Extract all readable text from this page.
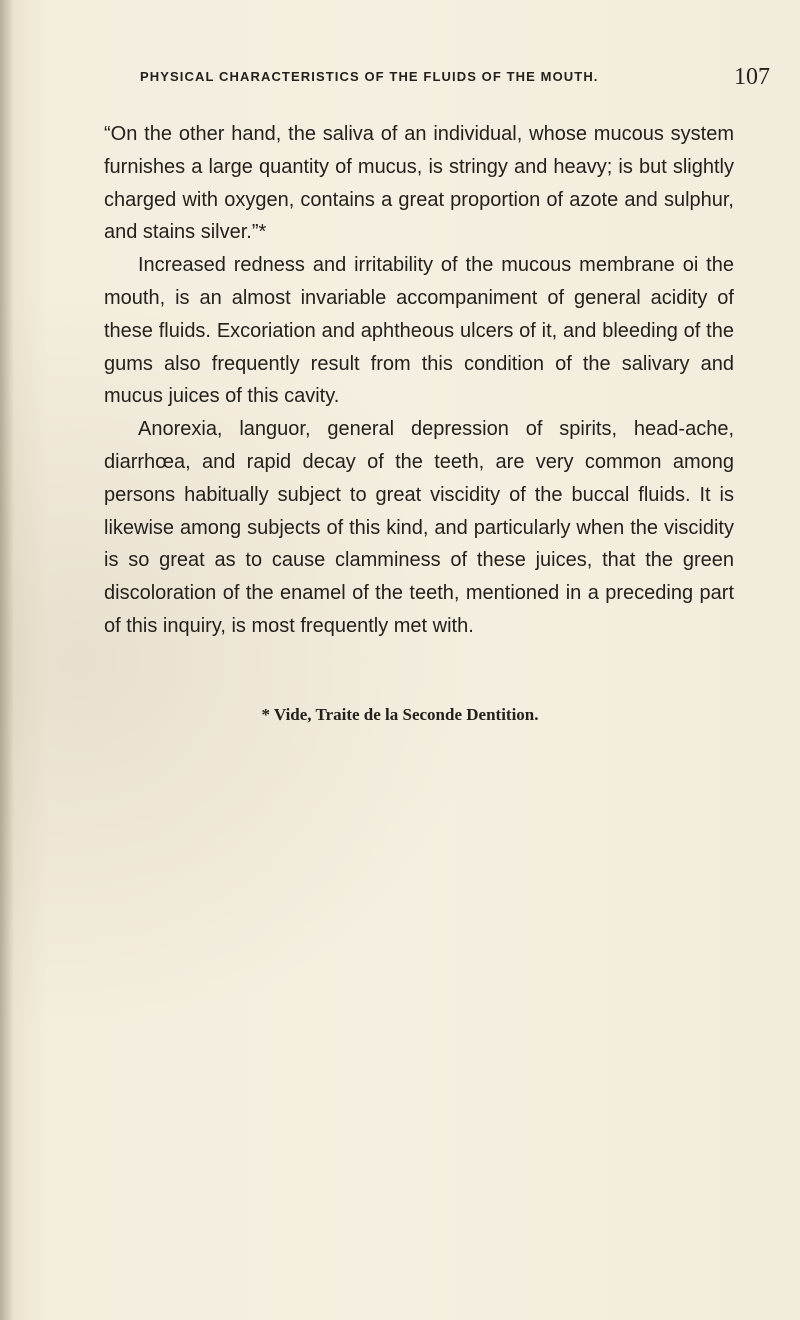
PHYSICAL CHARACTERISTICS OF THE FLUIDS OF THE MOUTH.	107

“On the other hand, the saliva of an individual, whose mucous system furnishes a large quantity of mucus, is stringy and heavy; is but slightly charged with oxygen, contains a great proportion of azote and sulphur, and stains silver.”*

Increased redness and irritability of the mucous membrane oi the mouth, is an almost invariable accompaniment of general acidity of these fluids. Excoriation and aphtheous ulcers of it, and bleeding of the gums also frequently result from this condition of the salivary and mucus juices of this cavity.

Anorexia, languor, general depression of spirits, head-ache, diarrhœa, and rapid decay of the teeth, are very common among persons habitually subject to great viscidity of the buccal fluids. It is likewise among subjects of this kind, and particularly when the viscidity is so great as to cause clamminess of these juices, that the green discoloration of the enamel of the teeth, mentioned in a preceding part of this inquiry, is most frequently met with.

* Vide, Traite de la Seconde Dentition.
